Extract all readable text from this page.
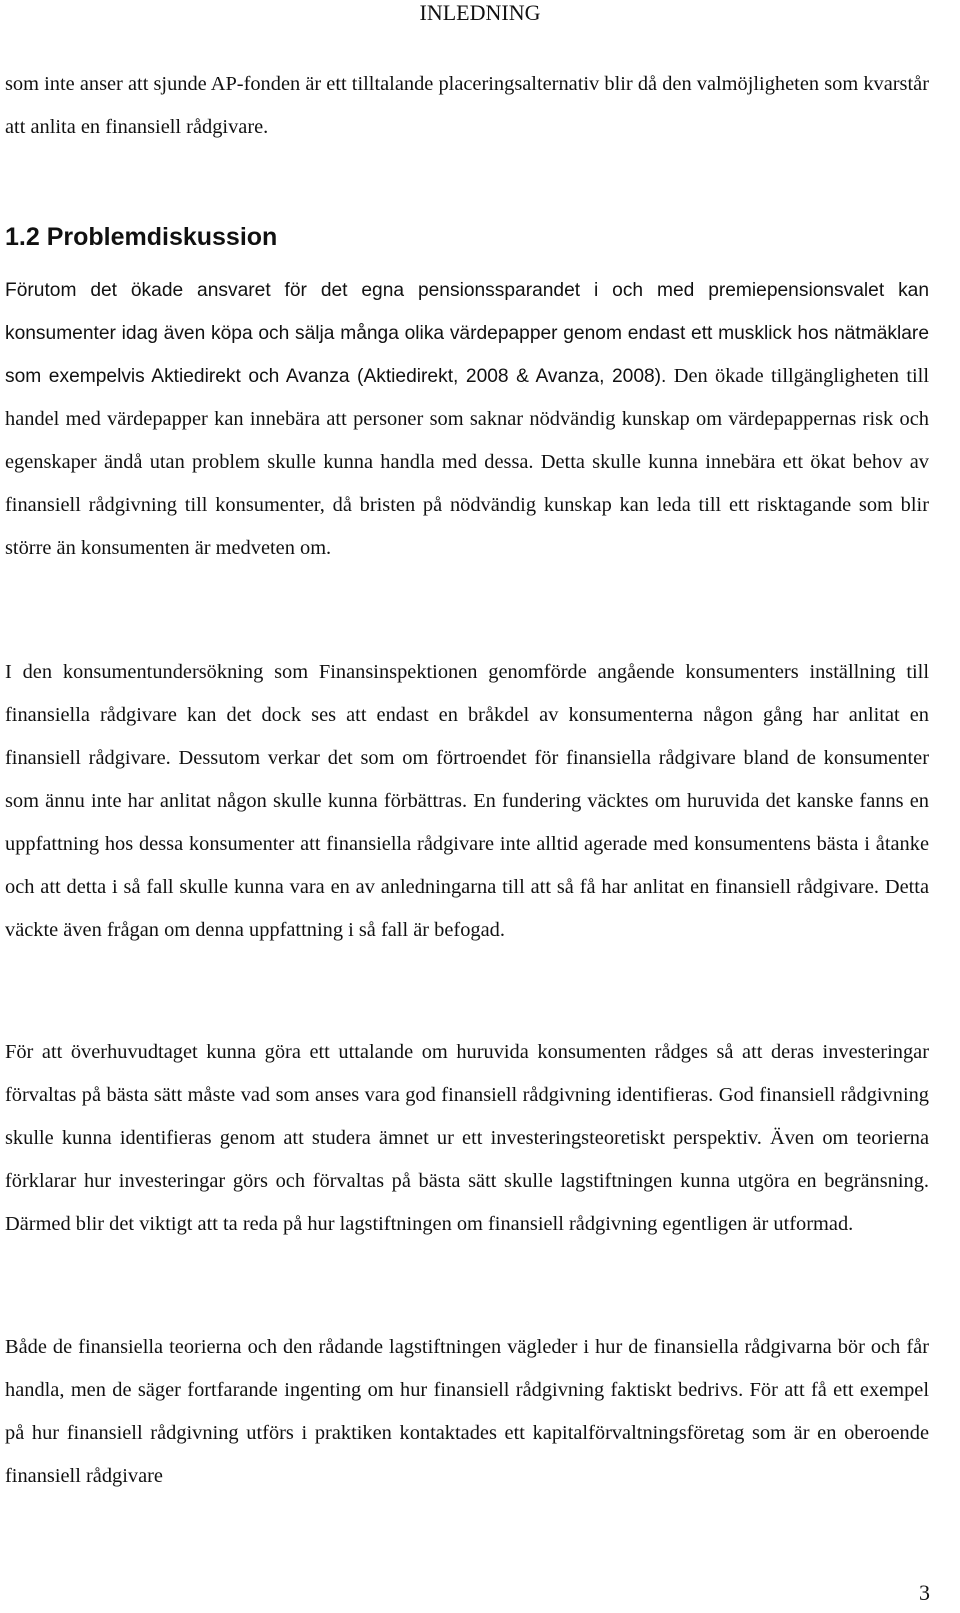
INLEDNING

som inte anser att sjunde AP-fonden är ett tilltalande placeringsalternativ blir då den valmöjligheten som kvarstår att anlita en finansiell rådgivare.

1.2 Problemdiskussion

Förutom det ökade ansvaret för det egna pensionssparandet i och med premiepensionsvalet kan konsumenter idag även köpa och sälja många olika värdepapper genom endast ett musklick hos nätmäklare som exempelvis Aktiedirekt och Avanza (Aktiedirekt, 2008 & Avanza, 2008). Den ökade tillgängligheten till handel med värdepapper kan innebära att personer som saknar nödvändig kunskap om värdepappernas risk och egenskaper ändå utan problem skulle kunna handla med dessa. Detta skulle kunna innebära ett ökat behov av finansiell rådgivning till konsumenter, då bristen på nödvändig kunskap kan leda till ett risktagande som blir större än konsumenten är medveten om.

I den konsumentundersökning som Finansinspektionen genomförde angående konsumenters inställning till finansiella rådgivare kan det dock ses att endast en bråkdel av konsumenterna någon gång har anlitat en finansiell rådgivare. Dessutom verkar det som om förtroendet för finansiella rådgivare bland de konsumenter som ännu inte har anlitat någon skulle kunna förbättras. En fundering väcktes om huruvida det kanske fanns en uppfattning hos dessa konsumenter att finansiella rådgivare inte alltid agerade med konsumentens bästa i åtanke och att detta i så fall skulle kunna vara en av anledningarna till att så få har anlitat en finansiell rådgivare. Detta väckte även frågan om denna uppfattning i så fall är befogad.

För att överhuvudtaget kunna göra ett uttalande om huruvida konsumenten rådges så att deras investeringar förvaltas på bästa sätt måste vad som anses vara god finansiell rådgivning identifieras. God finansiell rådgivning skulle kunna identifieras genom att studera ämnet ur ett investeringsteoretiskt perspektiv. Även om teorierna förklarar hur investeringar görs och förvaltas på bästa sätt skulle lagstiftningen kunna utgöra en begränsning. Därmed blir det viktigt att ta reda på hur lagstiftningen om finansiell rådgivning egentligen är utformad.

Både de finansiella teorierna och den rådande lagstiftningen vägleder i hur de finansiella rådgivarna bör och får handla, men de säger fortfarande ingenting om hur finansiell rådgivning faktiskt bedrivs. För att få ett exempel på hur finansiell rådgivning utförs i praktiken kontaktades ett kapitalförvaltningsföretag som är en oberoende finansiell rådgivare

3
